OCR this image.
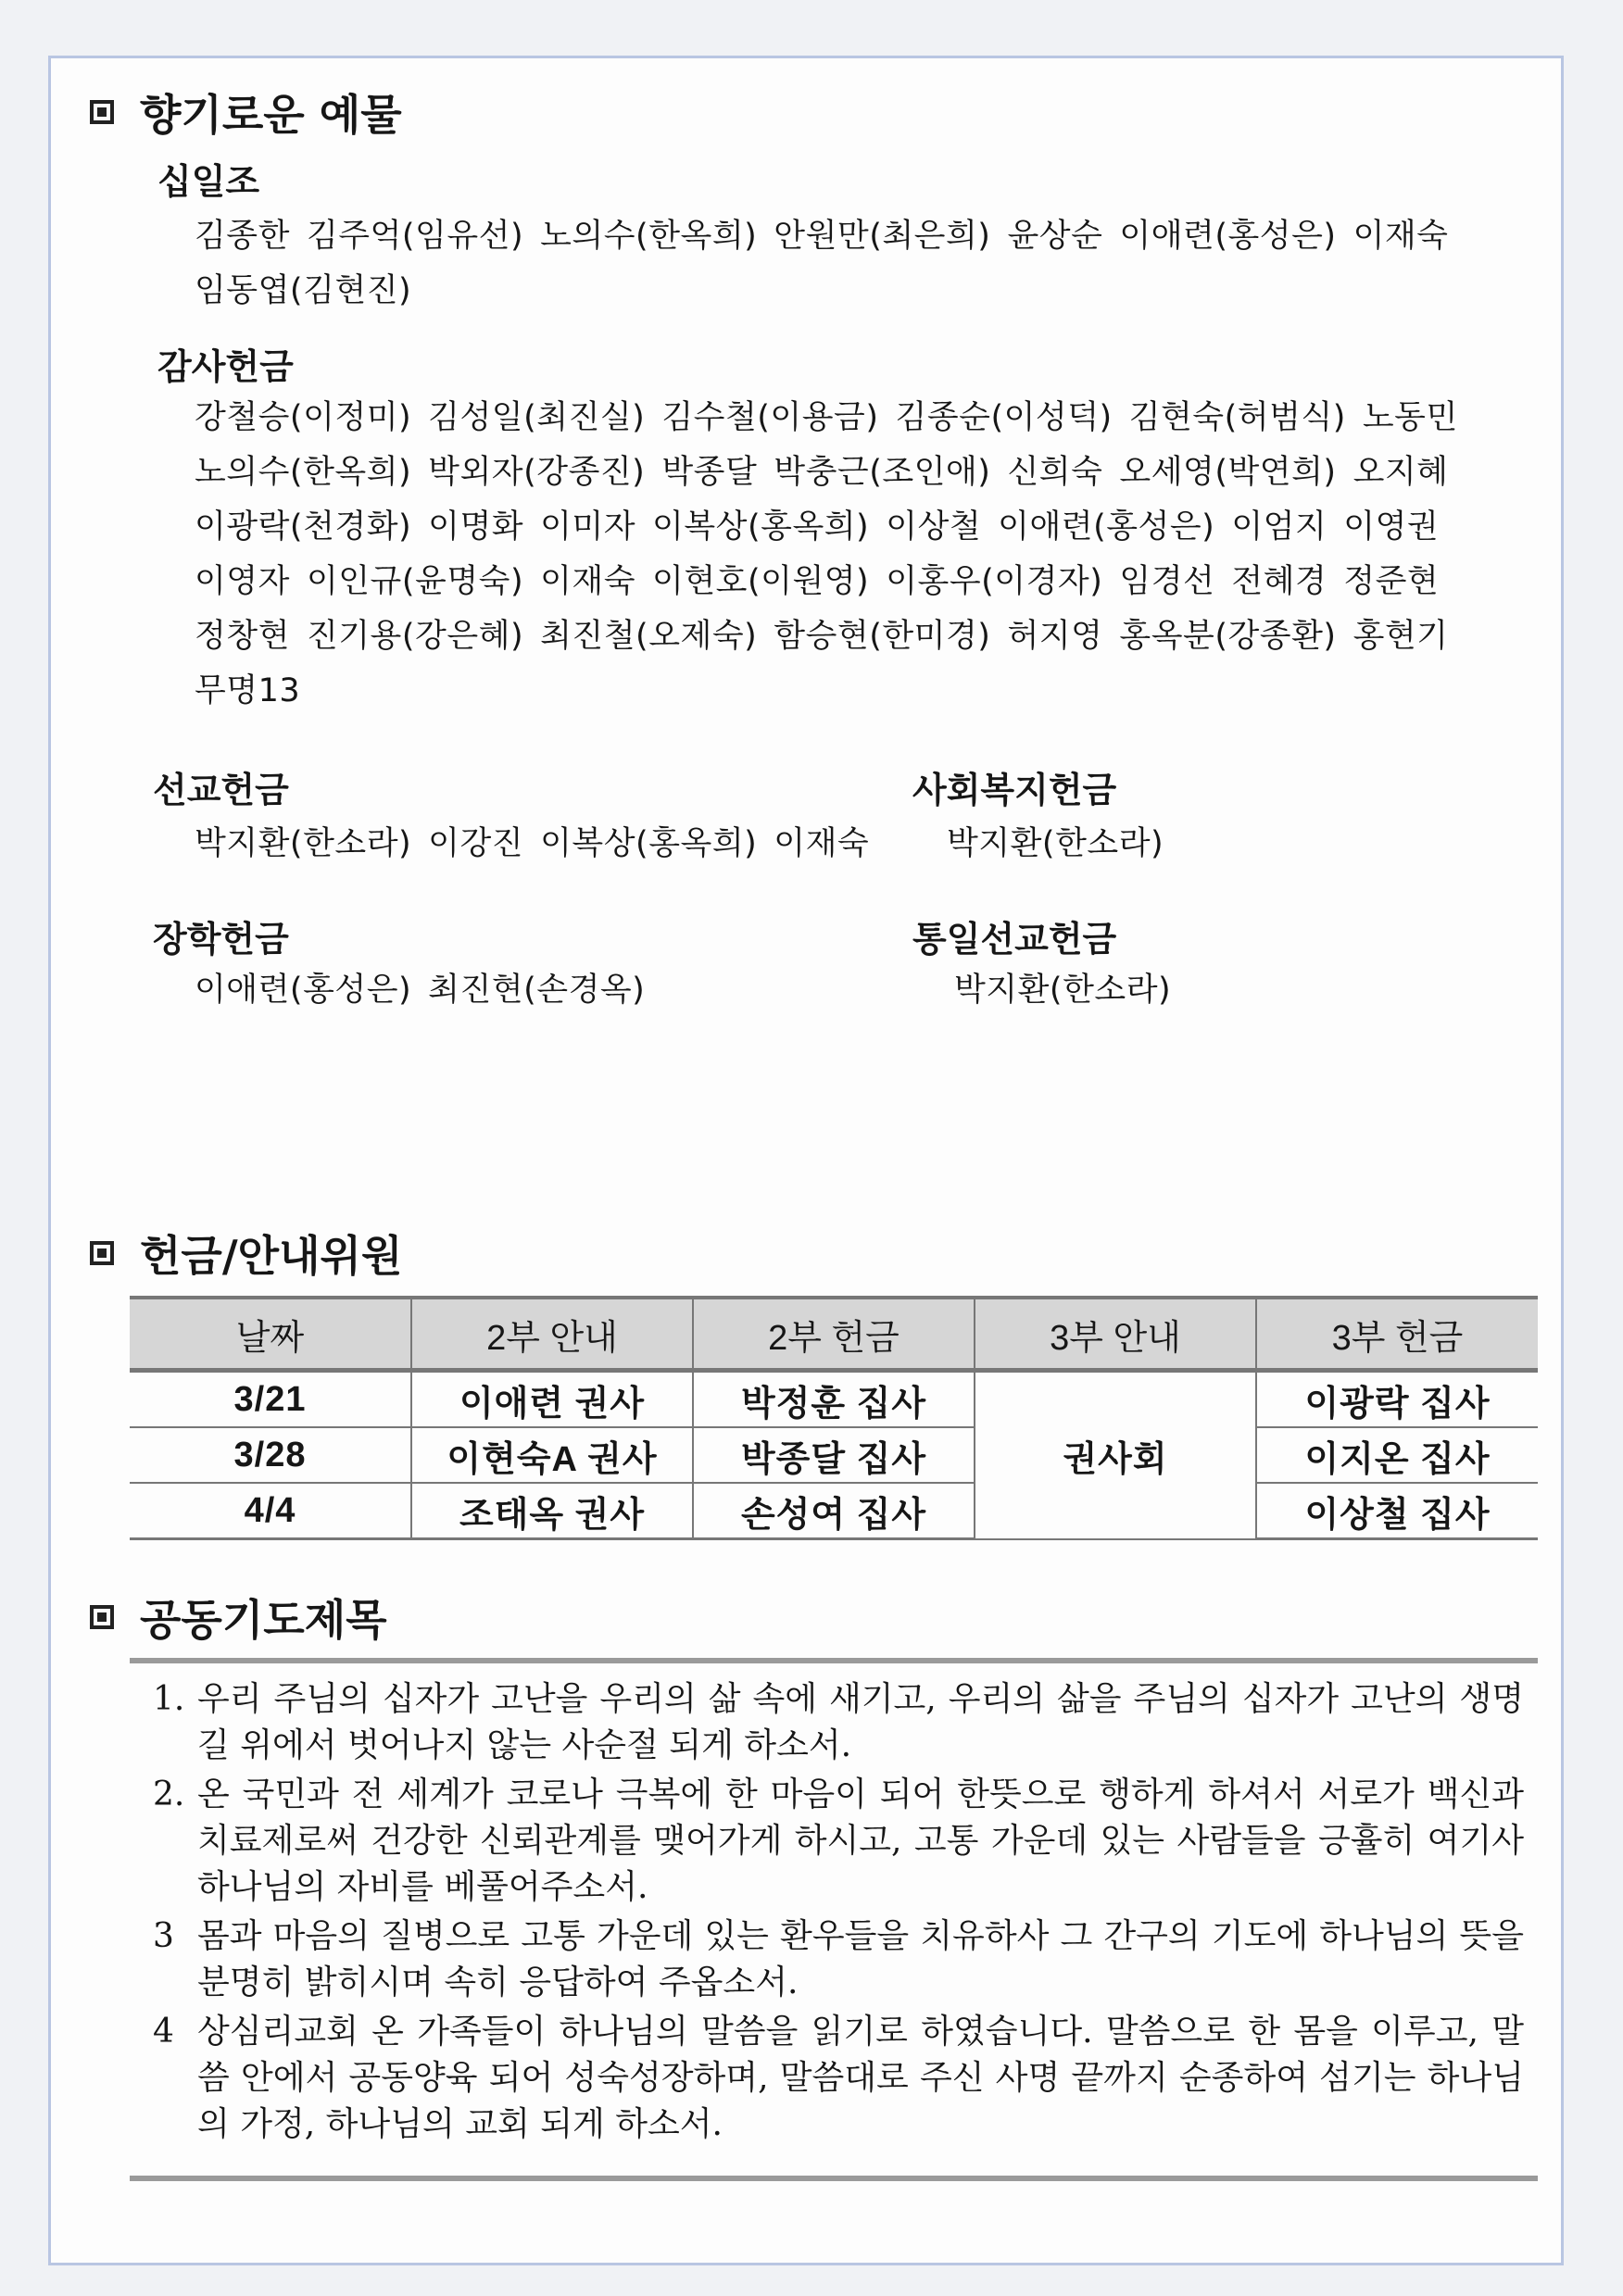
향기로운 예물
십일조
김종한 김주억(임유선) 노의수(한옥희) 안원만(최은희) 윤상순 이애련(홍성은) 이재숙
임동엽(김현진)
감사헌금
강철승(이정미) 김성일(최진실) 김수철(이용금) 김종순(이성덕) 김현숙(허범식) 노동민
노의수(한옥희) 박외자(강종진) 박종달 박충근(조인애) 신희숙 오세영(박연희) 오지혜
이광락(천경화) 이명화 이미자 이복상(홍옥희) 이상철 이애련(홍성은) 이엄지 이영권
이영자 이인규(윤명숙) 이재숙 이현호(이원영) 이홍우(이경자) 임경선 전혜경 정준현
정창현 진기용(강은혜) 최진철(오제숙) 함승현(한미경) 허지영 홍옥분(강종환) 홍현기
무명13
선교헌금
박지환(한소라) 이강진 이복상(홍옥희) 이재숙
사회복지헌금
박지환(한소라)
장학헌금
이애련(홍성은) 최진현(손경옥)
통일선교헌금
박지환(한소라)
헌금/안내위원
날짜	2부 안내	2부 헌금	3부 안내	3부 헌금
3/21	이애련 권사	박정훈 집사	권사회	이광락 집사
3/28	이현숙A 권사	박종달 집사		이지온 집사
4/4	조태옥 권사	손성여 집사		이상철 집사
공동기도제목
1. 우리 주님의 십자가 고난을 우리의 삶 속에 새기고, 우리의 삶을 주님의 십자가 고난의 생명길 위에서 벗어나지 않는 사순절 되게 하소서.
2. 온 국민과 전 세계가 코로나 극복에 한 마음이 되어 한뜻으로 행하게 하셔서 서로가 백신과 치료제로써 건강한 신뢰관계를 맺어가게 하시고, 고통 가운데 있는 사람들을 긍휼히 여기사 하나님의 자비를 베풀어주소서.
3 몸과 마음의 질병으로 고통 가운데 있는 환우들을 치유하사 그 간구의 기도에 하나님의 뜻을 분명히 밝히시며 속히 응답하여 주옵소서.
4 상심리교회 온 가족들이 하나님의 말씀을 읽기로 하였습니다. 말씀으로 한 몸을 이루고, 말씀 안에서 공동양육 되어 성숙성장하며, 말씀대로 주신 사명 끝까지 순종하여 섬기는 하나님의 가정, 하나님의 교회 되게 하소서.
